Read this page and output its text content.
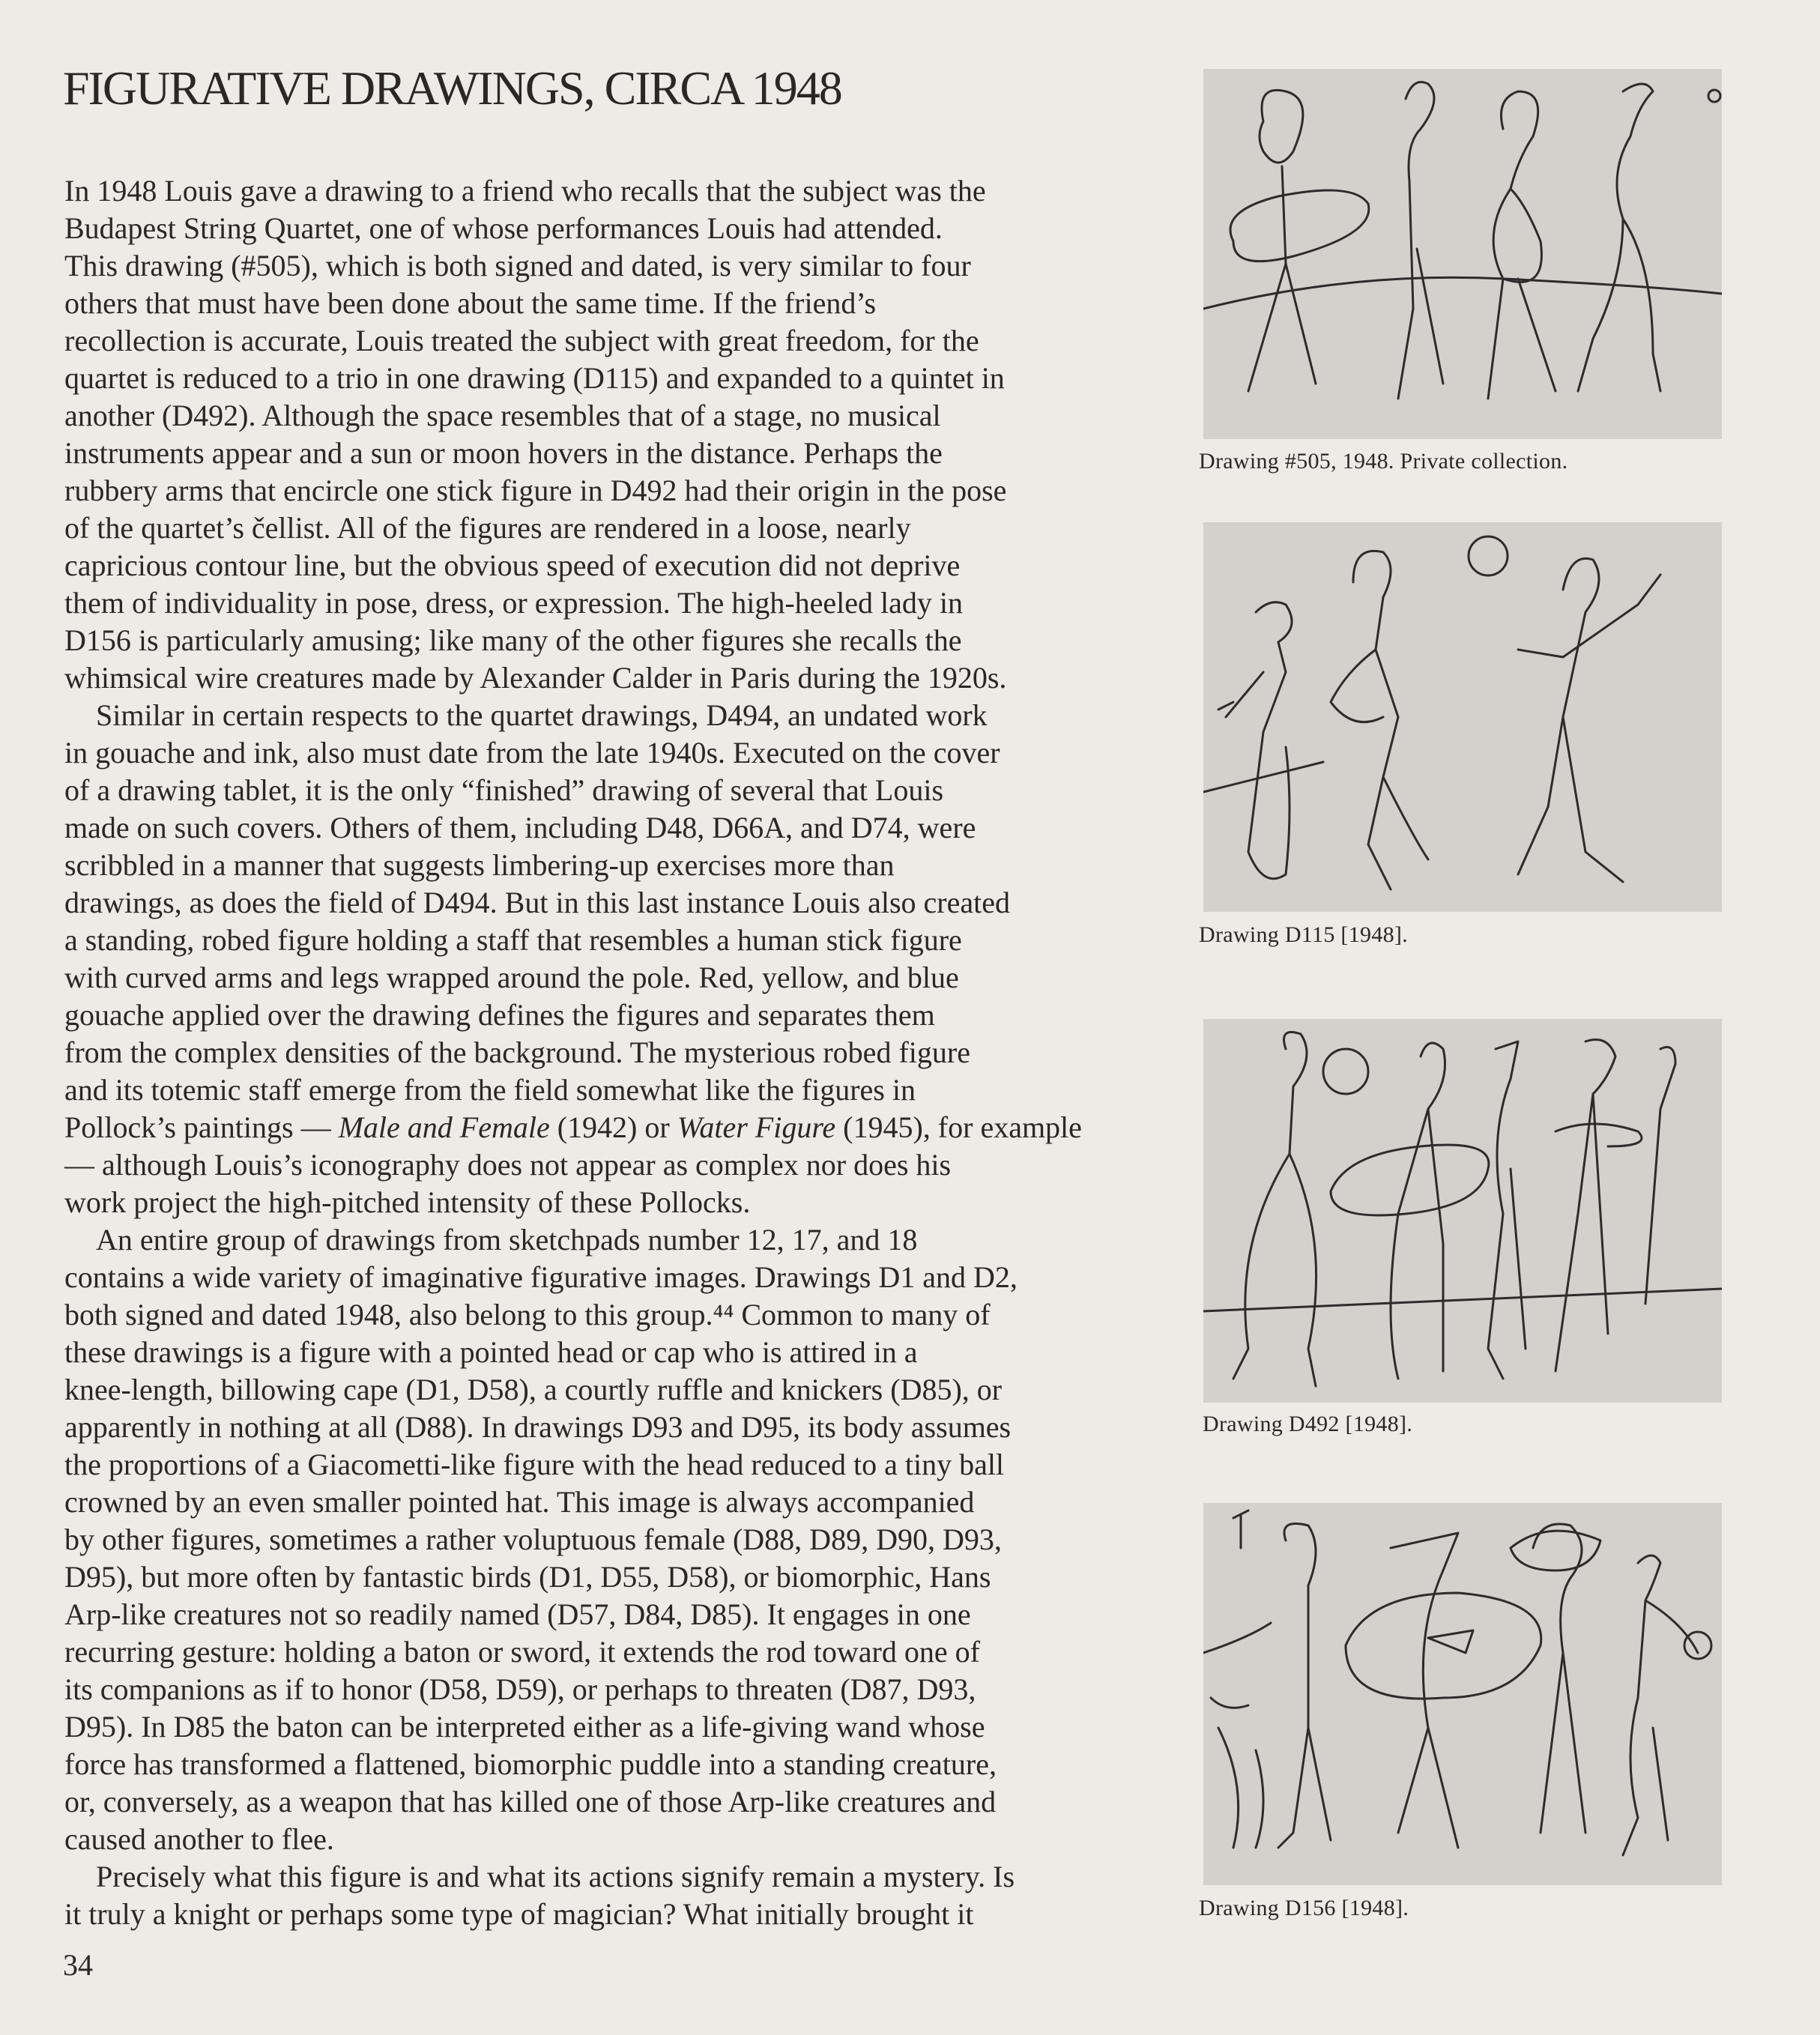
FIGURATIVE DRAWINGS, CIRCA 1948

In 1948 Louis gave a drawing to a friend who recalls that the subject was the
Budapest String Quartet, one of whose performances Louis had attended.
This drawing (#505), which is both signed and dated, is very similar to four
others that must have been done about the same time. If the friend’s
recollection is accurate, Louis treated the subject with great freedom, for the
quartet is reduced to a trio in one drawing (D115) and expanded to a quintet in
another (D492). Although the space resembles that of a stage, no musical
instruments appear and a sun or moon hovers in the distance. Perhaps the
rubbery arms that encircle one stick figure in D492 had their origin in the pose
of the quartet’s čellist. All of the figures are rendered in a loose, nearly
capricious contour line, but the obvious speed of execution did not deprive
them of individuality in pose, dress, or expression. The high-heeled lady in
D156 is particularly amusing; like many of the other figures she recalls the
whimsical wire creatures made by Alexander Calder in Paris during the 1920s.

Similar in certain respects to the quartet drawings, D494, an undated work
in gouache and ink, also must date from the late 1940s. Executed on the cover
of a drawing tablet, it is the only “finished” drawing of several that Louis
made on such covers. Others of them, including D48, D66A, and D74, were
scribbled in a manner that suggests limbering-up exercises more than
drawings, as does the field of D494. But in this last instance Louis also created
a standing, robed figure holding a staff that resembles a human stick figure
with curved arms and legs wrapped around the pole. Red, yellow, and blue
gouache applied over the drawing defines the figures and separates them
from the complex densities of the background. The mysterious robed figure
and its totemic staff emerge from the field somewhat like the figures in
Pollock’s paintings — Male and Female (1942) or Water Figure (1945), for example
— although Louis’s iconography does not appear as complex nor does his
work project the high-pitched intensity of these Pollocks.

An entire group of drawings from sketchpads number 12, 17, and 18
contains a wide variety of imaginative figurative images. Drawings D1 and D2,
both signed and dated 1948, also belong to this group.⁴⁴ Common to many of
these drawings is a figure with a pointed head or cap who is attired in a
knee-length, billowing cape (D1, D58), a courtly ruffle and knickers (D85), or
apparently in nothing at all (D88). In drawings D93 and D95, its body assumes
the proportions of a Giacometti-like figure with the head reduced to a tiny ball
crowned by an even smaller pointed hat. This image is always accompanied
by other figures, sometimes a rather voluptuous female (D88, D89, D90, D93,
D95), but more often by fantastic birds (D1, D55, D58), or biomorphic, Hans
Arp-like creatures not so readily named (D57, D84, D85). It engages in one
recurring gesture: holding a baton or sword, it extends the rod toward one of
its companions as if to honor (D58, D59), or perhaps to threaten (D87, D93,
D95). In D85 the baton can be interpreted either as a life-giving wand whose
force has transformed a flattened, biomorphic puddle into a standing creature,
or, conversely, as a weapon that has killed one of those Arp-like creatures and
caused another to flee.

Precisely what this figure is and what its actions signify remain a mystery. Is
it truly a knight or perhaps some type of magician? What initially brought it

34
Drawing #505, 1948. Private collection.
Drawing D115 [1948].
Drawing D492 [1948].
Drawing D156 [1948].
